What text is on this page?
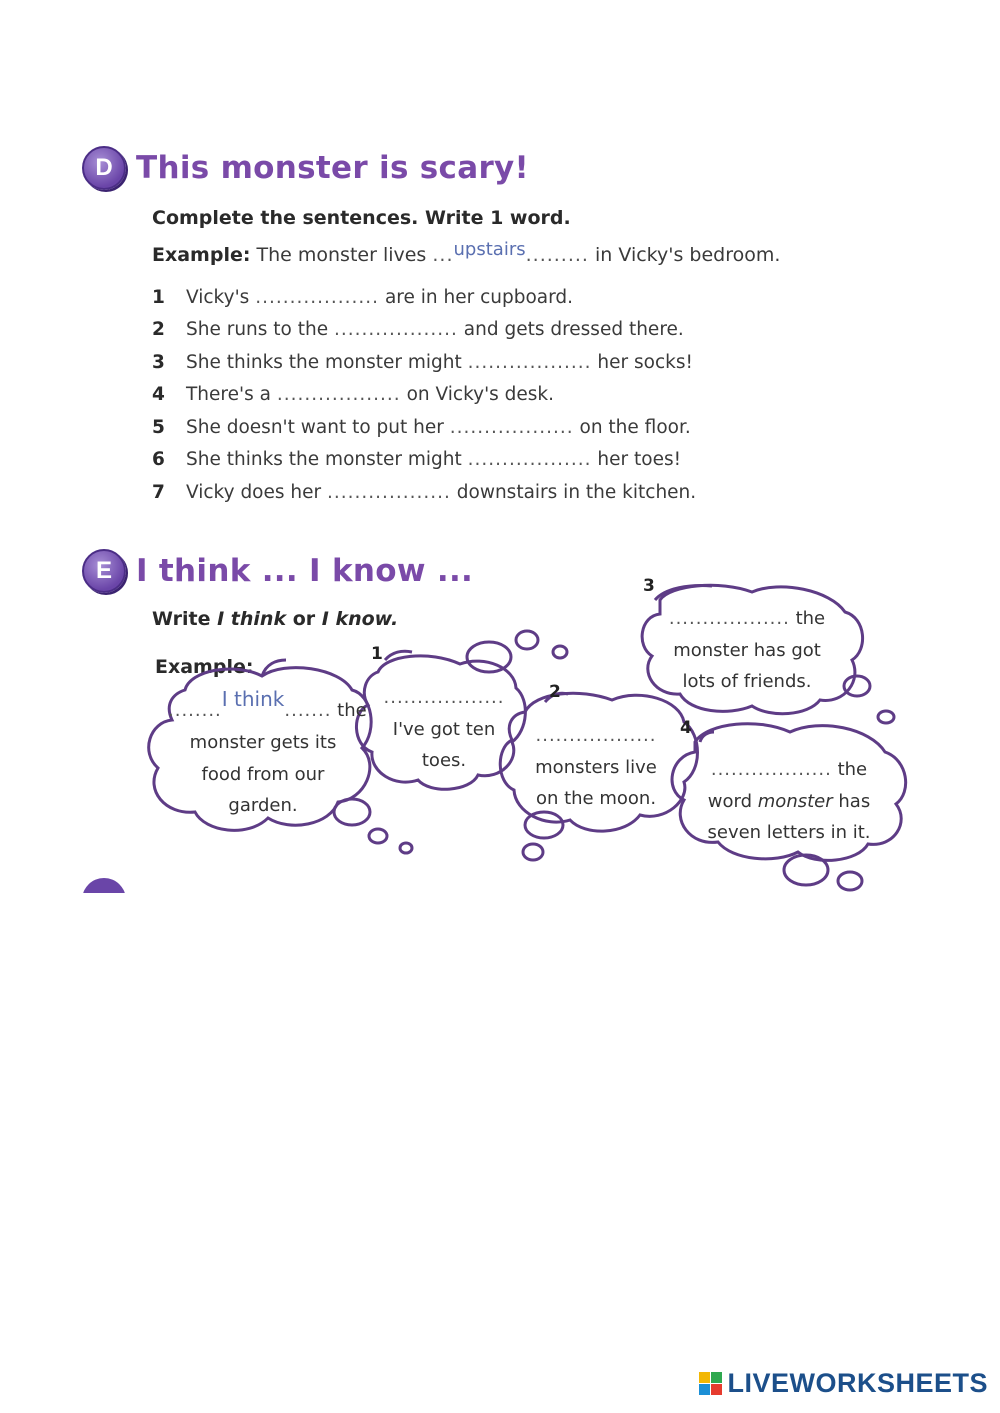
D This monster is scary!
Complete the sentences. Write 1 word.
Example: The monster lives ...upstairs......... in Vicky's bedroom.
1	Vicky's
..................
are in her cupboard.
2	She runs to the
..................
and gets dressed there.
3	She thinks the monster might
..................
her socks!
4	There's a
..................
on Vicky's desk.
5	She doesn't want to put her
..................
on the floor.
6	She thinks the monster might
..................
her toes!
7	Vicky does her
..................
downstairs in the kitchen.
E I think ... I know ...
Write I think or I know.
Example:
1
2
3
4
........I think....... the
monster gets its
food from our
garden.
..................
I've got ten
toes.
..................
monsters live
on the moon.
.................. the
monster has got
lots of friends.
.................. the
word monster has
seven letters in it.
LIVEWORKSHEETS
